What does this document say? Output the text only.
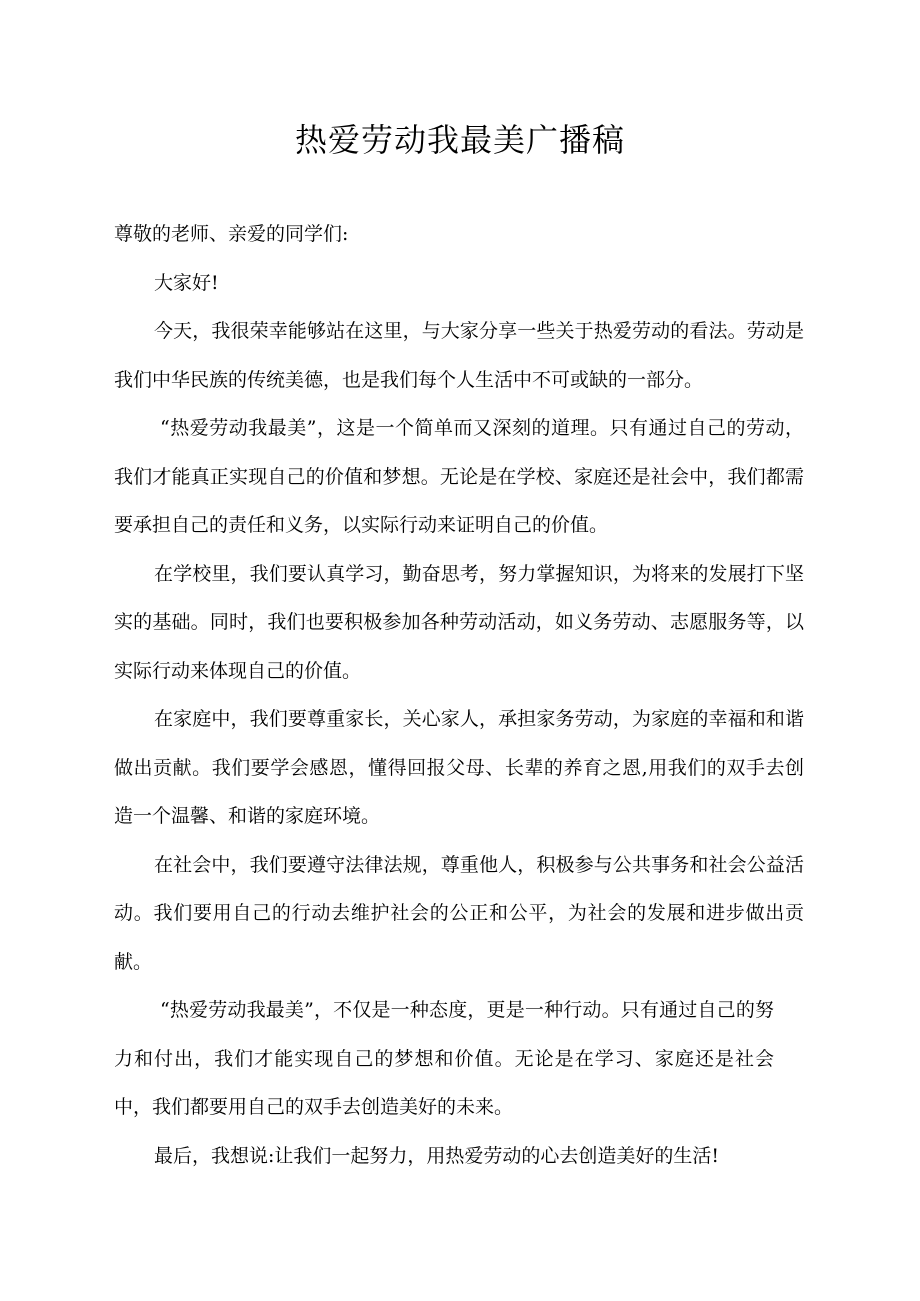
热爱劳动我最美广播稿

尊敬的老师、亲爱的同学们:

大家好!

今天，我很荣幸能够站在这里，与大家分享一些关于热爱劳动的看法。劳动是我们中华民族的传统美德，也是我们每个人生活中不可或缺的一部分。

“热爱劳动我最美”，这是一个简单而又深刻的道理。只有通过自己的劳动，我们才能真正实现自己的价值和梦想。无论是在学校、家庭还是社会中，我们都需要承担自己的责任和义务，以实际行动来证明自己的价值。

在学校里，我们要认真学习，勤奋思考，努力掌握知识，为将来的发展打下坚实的基础。同时，我们也要积极参加各种劳动活动，如义务劳动、志愿服务等，以实际行动来体现自己的价值。

在家庭中，我们要尊重家长，关心家人，承担家务劳动，为家庭的幸福和和谐做出贡献。我们要学会感恩，懂得回报父母、长辈的养育之恩,用我们的双手去创造一个温馨、和谐的家庭环境。

在社会中，我们要遵守法律法规，尊重他人，积极参与公共事务和社会公益活动。我们要用自己的行动去维护社会的公正和公平，为社会的发展和进步做出贡献。

“热爱劳动我最美”，不仅是一种态度，更是一种行动。只有通过自己的努力和付出，我们才能实现自己的梦想和价值。无论是在学习、家庭还是社会中，我们都要用自己的双手去创造美好的未来。

最后，我想说:让我们一起努力，用热爱劳动的心去创造美好的生活!
